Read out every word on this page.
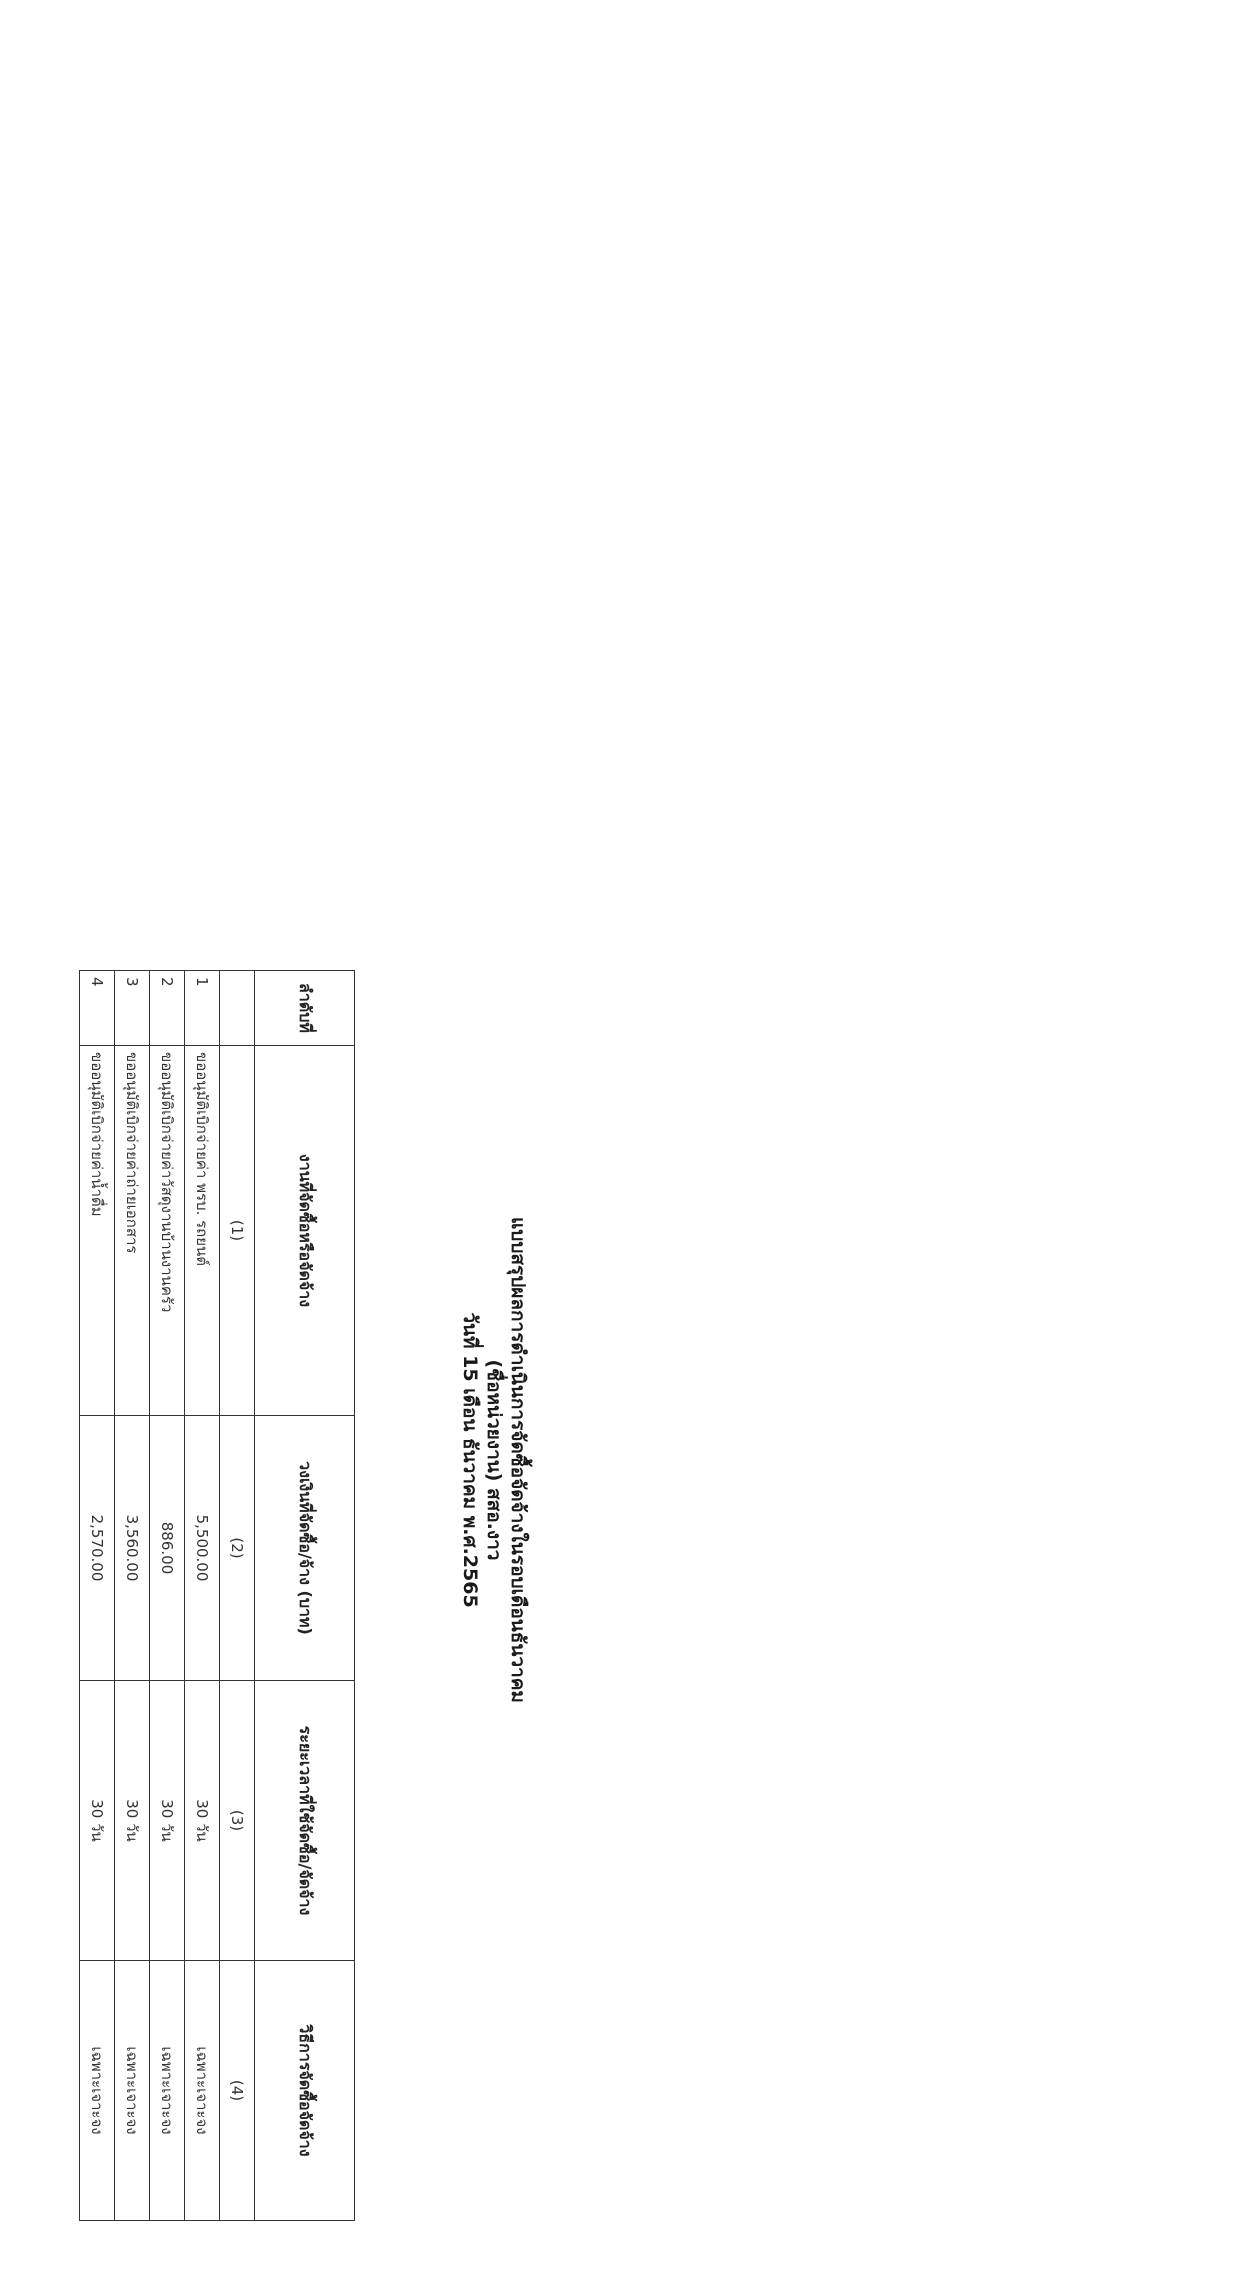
แบบสรุปผลการดำเนินการจัดซื้อจัดจ้างในรอบเดือนธันวาคม
(ชื่อหน่วยงาน) สสอ.งาว
วันที่ 15 เดือน ธันวาคม พ.ศ.2565
ลำดับที่	งานที่จัดซื้อหรือจัดจ้าง	วงเงินที่จัดซื้อ/จ้าง (บาท)	ระยะเวลาที่ใช้จัดซื้อ/จัดจ้าง	วิธีการจัดซื้อจัดจ้าง
	(1)	(2)	(3)	(4)
1	ขออนุมัติเบิกจ่ายค่า พรบ. รถยนต์	5,500.00	30 วัน	เฉพาะเจาะจง
2	ขออนุมัติเบิกจ่ายค่าวัสดุงานบ้านงานครัว	886.00	30 วัน	เฉพาะเจาะจง
3	ขออนุมัติเบิกจ่ายค่าถ่ายเอกสาร	3,560.00	30 วัน	เฉพาะเจาะจง
4	ขออนุมัติเบิกจ่ายค่าน้ำดื่ม	2,570.00	30 วัน	เฉพาะเจาะจง
